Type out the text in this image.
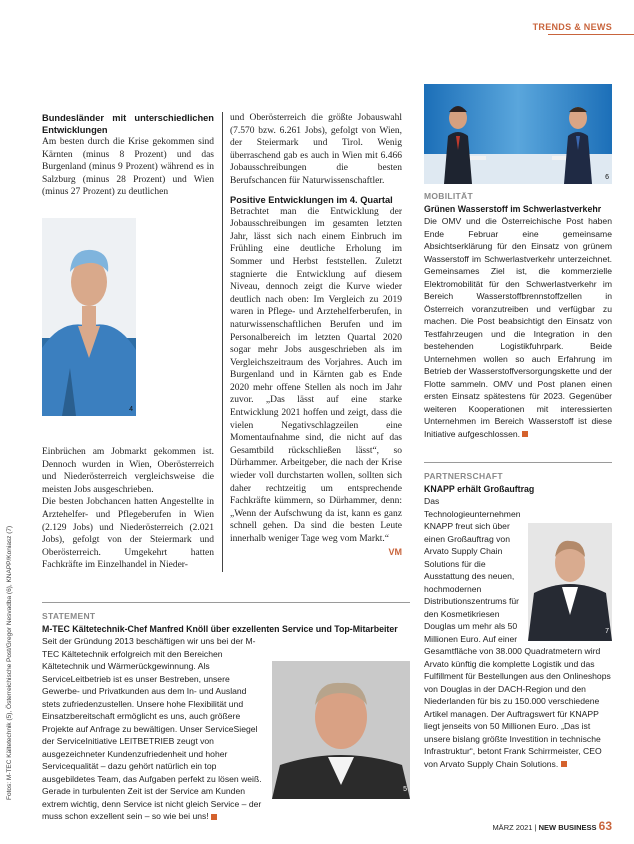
TRENDS & NEWS
Fotos: M-TEC Kältetechnik (5), Österreichische Post/Gregor Nesvadba (6), KNAPP/Koniasz (7)

Bundesländer mit unterschiedlichen Entwicklungen

Am besten durch die Krise gekommen sind Kärnten (minus 8 Prozent) und das Burgenland (minus 9 Prozent) während es in Salzburg (minus 28 Prozent) und Wien (minus 27 Prozent) zu deutlichen

4

Einbrüchen am Jobmarkt gekommen ist. Dennoch wurden in Wien, Oberösterreich und Niederösterreich vergleichsweise die meisten Jobs ausgeschrieben.

Die besten Jobchancen hatten Angestellte in Arztehelfer- und Pflegeberufen in Wien (2.129 Jobs) und Niederösterreich (2.021 Jobs), gefolgt von der Steiermark und Oberösterreich. Umgekehrt hatten Fachkräfte im Einzelhandel in Nieder-

und Oberösterreich die größte Jobauswahl (7.570 bzw. 6.261 Jobs), gefolgt von Wien, der Steiermark und Tirol. Wenig überraschend gab es auch in Wien mit 6.466 Jobausschreibungen die besten Berufschancen für Naturwissenschaftler.

Positive Entwicklungen im 4. Quartal

Betrachtet man die Entwicklung der Jobausschreibungen im gesamten letzten Jahr, lässt sich nach einem Einbruch im Frühling eine deutliche Erholung im Sommer und Herbst feststellen. Zuletzt stagnierte die Entwicklung auf diesem Niveau, dennoch zeigt die Kurve wieder deutlich nach oben: Im Vergleich zu 2019 waren in Pflege- und Arztehelferberufen, in naturwissenschaftlichen Berufen und im Personalbereich im letzten Quartal 2020 sogar mehr Jobs ausgeschrieben als im Vergleichszeitraum des Vorjahres. Auch im Burgenland und in Kärnten gab es Ende 2020 mehr offene Stellen als noch im Jahr zuvor. „Das lässt auf eine starke Entwicklung 2021 hoffen und zeigt, dass die vielen Negativschlagzeilen eine Momentaufnahme sind, die nicht auf das Gesamtbild rückschließen lässt“, so Dürhammer. Arbeitgeber, die nach der Krise wieder voll durchstarten wollen, sollten sich daher rechtzeitig um entsprechende Fachkräfte kümmern, so Dürhammer, denn: „Wenn der Aufschwung da ist, kann es ganz schnell gehen. Da sind die besten Leute innerhalb weniger Tage weg vom Markt.“

VM

6

MOBILITÄT

Grünen Wasserstoff im Schwerlastverkehr

Die OMV und die Österreichische Post haben Ende Februar eine gemeinsame Absichtserklärung für den Einsatz von grünem Wasserstoff im Schwerlastverkehr unterzeichnet. Gemeinsames Ziel ist, die kommerzielle Elektromobilität für den Schwerlastverkehr im Bereich Wasserstoffbrennstoffzellen in Österreich voranzutreiben und verfügbar zu machen. Die Post beabsichtigt den Einsatz von Testfahrzeugen und die Integration in den bestehenden Logistikfuhrpark. Beide Unternehmen wollen so auch Erfahrung im Betrieb der Wasserstoffversorgungskette und der Flotte sammeln. OMV und Post planen einen ersten Einsatz spätestens für 2023. Gegenüber weiteren Kooperationen mit interessierten Unternehmen im Bereich Wasserstoff ist diese Initiative aufgeschlossen.

PARTNERSCHAFT

KNAPP erhält Großauftrag

7
Das Technologieunternehmen KNAPP freut sich über einen Großauftrag von Arvato Supply Chain Solutions für die Ausstattung des neuen, hochmodernen Distributionszentrums für den Kosmetikriesen Douglas um mehr als 50 Millionen Euro. Auf einer Gesamtfläche von 38.000 Quadratmetern wird Arvato künftig die komplette Logistik und das Fulfillment für Bestellungen aus den Onlineshops von Douglas in der DACH-Region und den Niederlanden für bis zu 150.000 verschiedene Artikel managen. Der Auftragswert für KNAPP liegt jenseits von 50 Millionen Euro. „Das ist unsere bislang größte Investition in technische Infrastruktur“, betont Frank Schirrmeister, CEO von Arvato Supply Chain Solutions.

STATEMENT

M-TEC Kältetechnik-Chef Manfred Knöll über exzellenten Service und Top-Mitarbeiter

5
Seit der Gründung 2013 beschäftigen wir uns bei der M-TEC Kältetechnik erfolgreich mit den Bereichen Kältetechnik und Wärmerückgewinnung. Als ServiceLeitbetrieb ist es unser Bestreben, unsere Gewerbe- und Privatkunden aus dem In- und Ausland stets zufriedenzustellen. Unsere hohe Flexibilität und Einsatzbereitschaft ermöglicht es uns, auch größere Projekte auf Anfrage zu bewältigen. Unser ServiceSiegel der ServiceInitiative LEITBETRIEB zeugt von ausgezeichneter Kundenzufriedenheit und hoher Servicequalität – dazu gehört natürlich ein top ausgebildetes Team, das Aufgaben perfekt zu lösen weiß. Gerade in turbulenten Zeit ist der Service am Kunden extrem wichtig, denn Service ist nicht gleich Service – der muss schon exzellent sein – so wie bei uns!

MÄRZ 2021 | NEW BUSINESS 63
